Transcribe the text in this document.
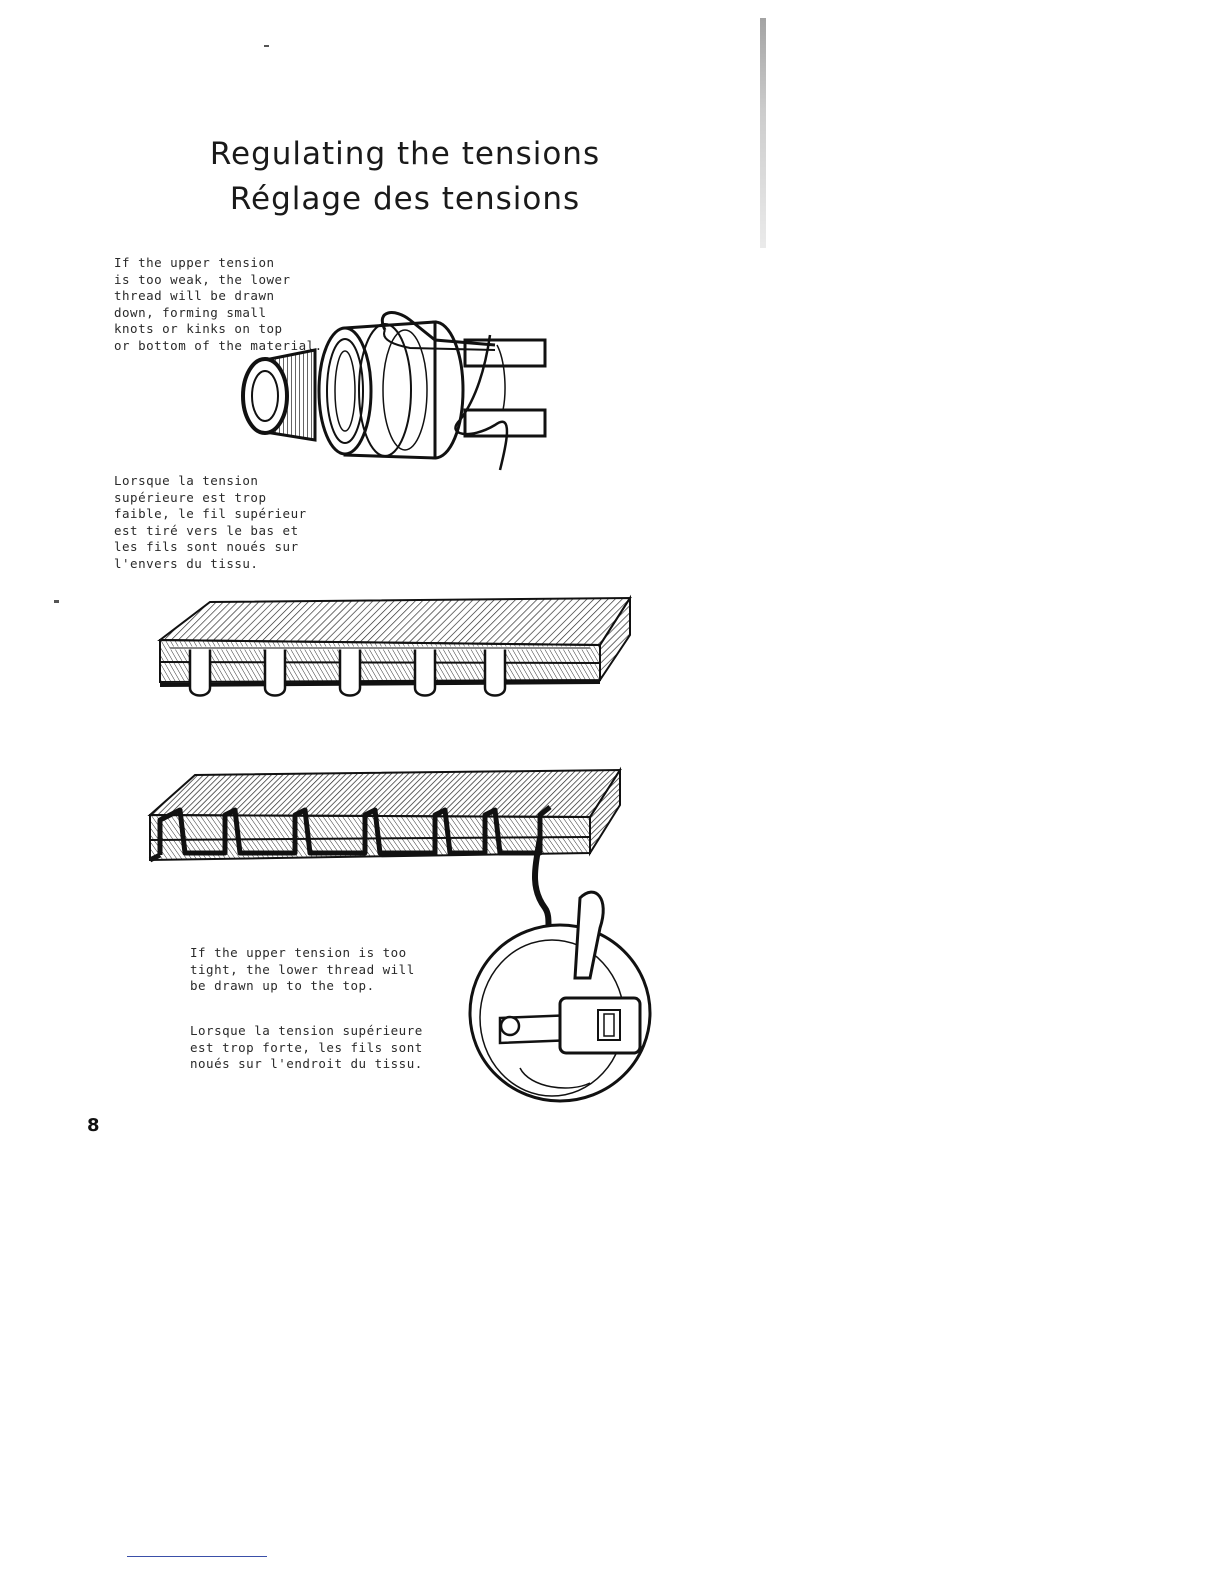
Regulating the tensions
Réglage des tensions
If the upper tension
is too weak, the lower
thread will be drawn
down, forming small
knots or kinks on top
or bottom of the material.
Lorsque la tension
supérieure est trop
faible, le fil supérieur
est tiré vers le bas et
les fils sont noués sur
l'envers du tissu.
If the upper tension is too
tight, the lower thread will
be drawn up to the top.
Lorsque la tension supérieure
est trop forte, les fils sont
noués sur l'endroit du tissu.
8
